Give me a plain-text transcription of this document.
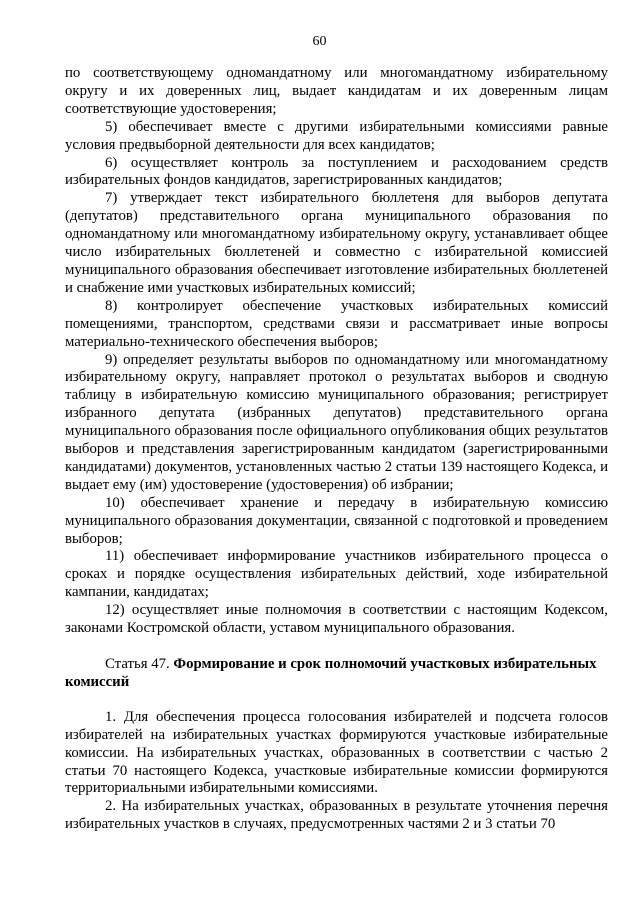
60

по соответствующему одномандатному или многомандатному избирательному округу и их доверенных лиц, выдает кандидатам и их доверенным лицам соответствующие удостоверения;

5) обеспечивает вместе с другими избирательными комиссиями равные условия предвыборной деятельности для всех кандидатов;

6) осуществляет контроль за поступлением и расходованием средств избирательных фондов кандидатов, зарегистрированных кандидатов;

7) утверждает текст избирательного бюллетеня для выборов депутата (депутатов) представительного органа муниципального образования по одномандатному или многомандатному избирательному округу, устанавливает общее число избирательных бюллетеней и совместно с избирательной комиссией муниципального образования обеспечивает изготовление избирательных бюллетеней и снабжение ими участковых избирательных комиссий;

8) контролирует обеспечение участковых избирательных комиссий помещениями, транспортом, средствами связи и рассматривает иные вопросы материально-технического обеспечения выборов;

9) определяет результаты выборов по одномандатному или многомандатному избирательному округу, направляет протокол о результатах выборов и сводную таблицу в избирательную комиссию муниципального образования; регистрирует избранного депутата (избранных депутатов) представительного органа муниципального образования после официального опубликования общих результатов выборов и представления зарегистрированным кандидатом (зарегистрированными кандидатами) документов, установленных частью 2 статьи 139 настоящего Кодекса, и выдает ему (им) удостоверение (удостоверения) об избрании;

10) обеспечивает хранение и передачу в избирательную комиссию муниципального образования документации, связанной с подготовкой и проведением выборов;

11) обеспечивает информирование участников избирательного процесса о сроках и порядке осуществления избирательных действий, ходе избирательной кампании, кандидатах;

12) осуществляет иные полномочия в соответствии с настоящим Кодексом, законами Костромской области, уставом муниципального образования.

Статья 47. Формирование и срок полномочий участковых избирательных комиссий

1. Для обеспечения процесса голосования избирателей и подсчета голосов избирателей на избирательных участках формируются участковые избирательные комиссии. На избирательных участках, образованных в соответствии с частью 2 статьи 70 настоящего Кодекса, участковые избирательные комиссии формируются территориальными избирательными комиссиями.

2. На избирательных участках, образованных в результате уточнения перечня избирательных участков в случаях, предусмотренных частями 2 и 3 статьи 70
